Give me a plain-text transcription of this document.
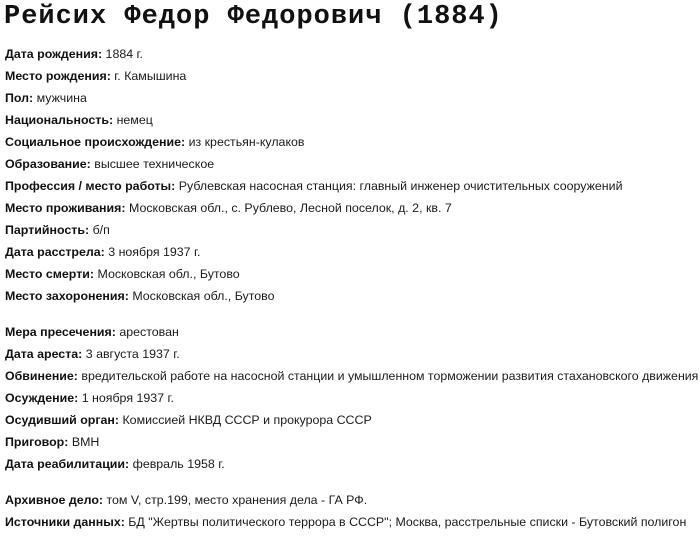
Рейсих Федор Федорович (1884)
Дата рождения: 1884 г.
Место рождения: г. Камышина
Пол: мужчина
Национальность: немец
Социальное происхождение: из крестьян-кулаков
Образование: высшее техническое
Профессия / место работы: Рублевская насосная станция: главный инженер очистительных сооружений
Место проживания: Московская обл., с. Рублево, Лесной поселок, д. 2, кв. 7
Партийность: б/п
Дата расстрела: 3 ноября 1937 г.
Место смерти: Московская обл., Бутово
Место захоронения: Московская обл., Бутово
Мера пресечения: арестован
Дата ареста: 3 августа 1937 г.
Обвинение: вредительской работе на насосной станции и умышленном торможении развития стахановского движения
Осуждение: 1 ноября 1937 г.
Осудивший орган: Комиссией НКВД СССР и прокурора СССР
Приговор: ВМН
Дата реабилитации: февраль 1958 г.
Архивное дело: том V, стр.199, место хранения дела - ГА РФ.
Источники данных: БД "Жертвы политического террора в СССР"; Москва, расстрельные списки - Бутовский полигон
